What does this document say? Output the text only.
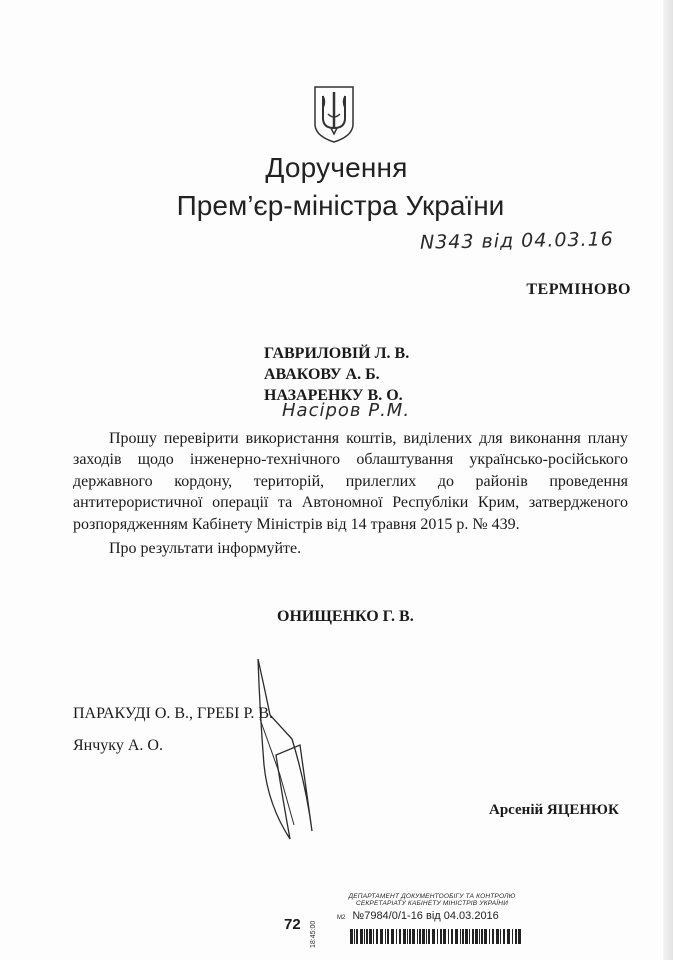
Доручення
Прем’єр-міністра України
N343 від 04.03.16
ТЕРМІНОВО
ГАВРИЛОВІЙ Л. В.
АВАКОВУ А. Б.
НАЗАРЕНКУ В. О.
Насіров Р.М.
Прошу перевірити використання коштів, виділених для виконання плану
заходів щодо інженерно-технічного облаштування українсько-російського
державного кордону, територій, прилеглих до районів проведення
антитерористичної операції та Автономної Республіки Крим, затвердженого
розпорядженням Кабінету Міністрів від 14 травня 2015 р. № 439.
Про результати інформуйте.
ОНИЩЕНКО Г. В.
ПАРАКУДІ О. В., ГРЕБІ Р. В.
Янчуку А. О.
Арсеній ЯЦЕНЮК
72 18:45:00
ДЕПАРТАМЕНТ ДОКУМЕНТООБІГУ ТА КОНТРОЛЮ
СЕКРЕТАРІАТУ КАБІНЕТУ МІНІСТРІВ УКРАЇНИ
М2 №7984/0/1-16 від 04.03.2016
